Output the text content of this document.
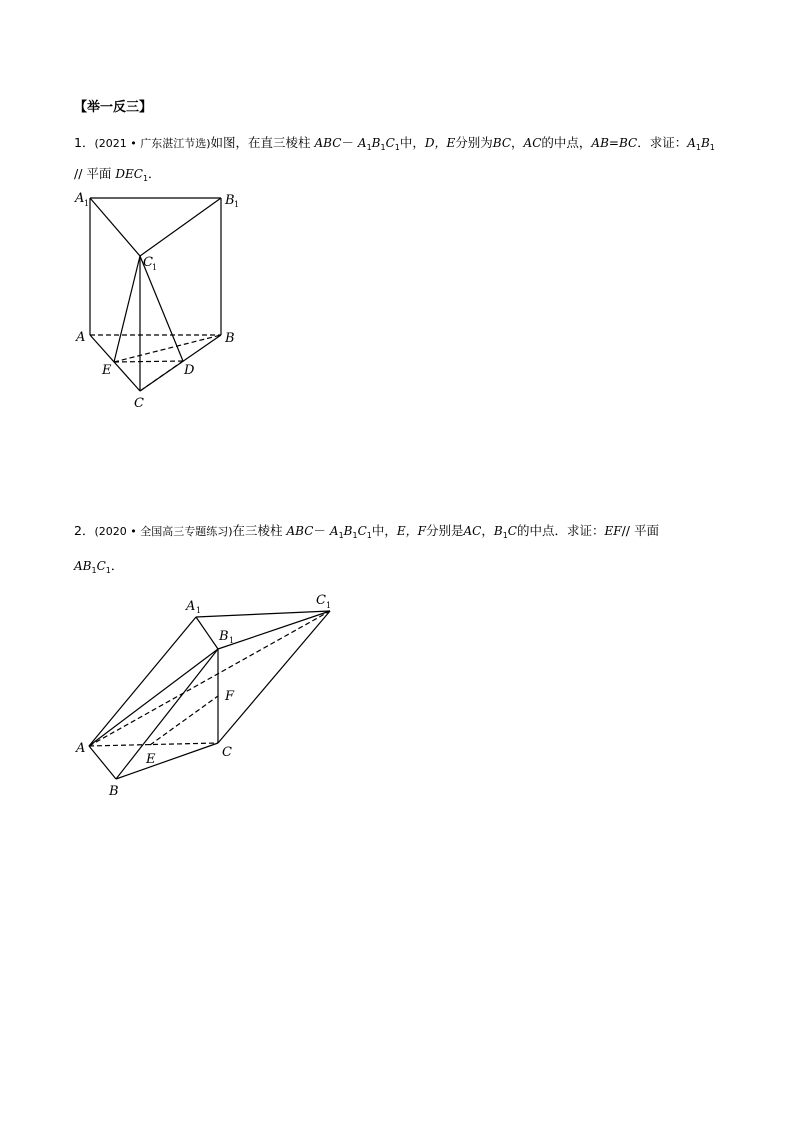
【举一反三】
1．(2021 • 广东湛江节选)如图，在直三棱柱 $ABC- A_1B_1C_1$中，D，E分别为BC，AC的中点，AB=BC．求证：$A_1B_1$
// 平面 $DEC_1$．
A 1	B 1
C 1
A	B
C
D
E
2．(2020 • 全国高三专题练习)在三棱柱 $ABC- A_1B_1C_1$中，E，F分别是AC，$B_1C$的中点．求证：EF// 平面
$AB_1C_1$．
A 1
C 1
B 1
F
A	C
E
B
